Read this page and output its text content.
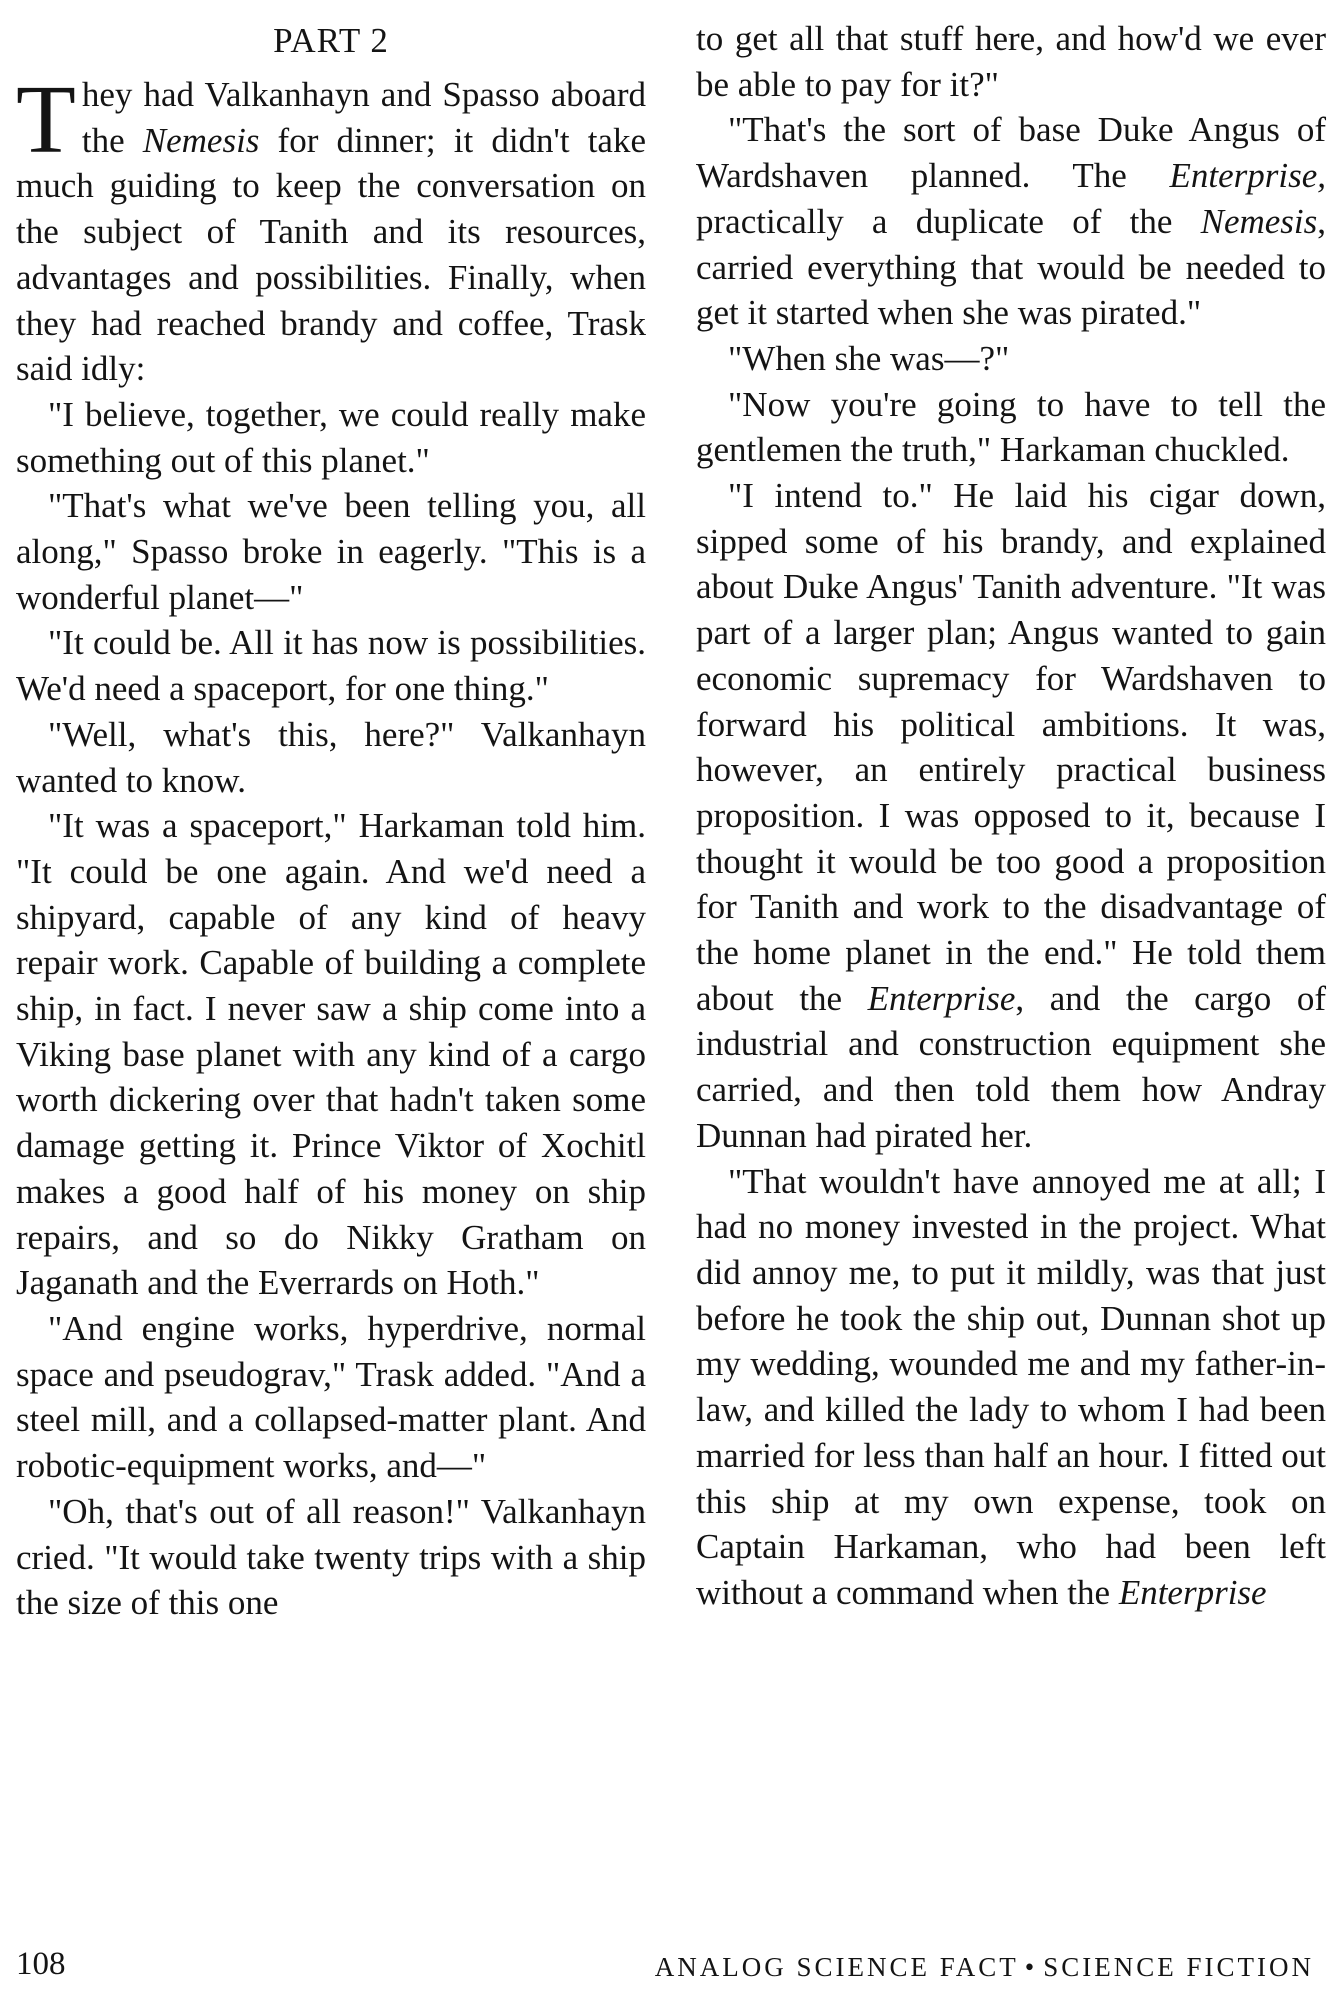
PART 2

They had Valkanhayn and Spasso aboard the Nemesis for dinner; it didn't take much guiding to keep the conversation on the subject of Tanith and its resources, advantages and possibilities. Finally, when they had reached brandy and coffee, Trask said idly:

"I believe, together, we could really make something out of this planet."

"That's what we've been telling you, all along," Spasso broke in eagerly. "This is a wonderful planet—"

"It could be. All it has now is possibilities. We'd need a spaceport, for one thing."

"Well, what's this, here?" Valkanhayn wanted to know.

"It was a spaceport," Harkaman told him. "It could be one again. And we'd need a shipyard, capable of any kind of heavy repair work. Capable of building a complete ship, in fact. I never saw a ship come into a Viking base planet with any kind of a cargo worth dickering over that hadn't taken some damage getting it. Prince Viktor of Xochitl makes a good half of his money on ship repairs, and so do Nikky Gratham on Jaganath and the Everrards on Hoth."

"And engine works, hyperdrive, normal space and pseudograv," Trask added. "And a steel mill, and a collapsed-matter plant. And robotic-equipment works, and—"

"Oh, that's out of all reason!" Valkanhayn cried. "It would take twenty trips with a ship the size of this one

to get all that stuff here, and how'd we ever be able to pay for it?"

"That's the sort of base Duke Angus of Wardshaven planned. The Enterprise, practically a duplicate of the Nemesis, carried everything that would be needed to get it started when she was pirated."

"When she was—?"

"Now you're going to have to tell the gentlemen the truth," Harkaman chuckled.

"I intend to." He laid his cigar down, sipped some of his brandy, and explained about Duke Angus' Tanith adventure. "It was part of a larger plan; Angus wanted to gain economic supremacy for Wardshaven to forward his political ambitions. It was, however, an entirely practical business proposition. I was opposed to it, because I thought it would be too good a proposition for Tanith and work to the disadvantage of the home planet in the end." He told them about the Enterprise, and the cargo of industrial and construction equipment she carried, and then told them how Andray Dunnan had pirated her.

"That wouldn't have annoyed me at all; I had no money invested in the project. What did annoy me, to put it mildly, was that just before he took the ship out, Dunnan shot up my wedding, wounded me and my father-in-law, and killed the lady to whom I had been married for less than half an hour. I fitted out this ship at my own expense, took on Captain Harkaman, who had been left without a command when the Enterprise

108	ANALOG SCIENCE FACT • SCIENCE FICTION
